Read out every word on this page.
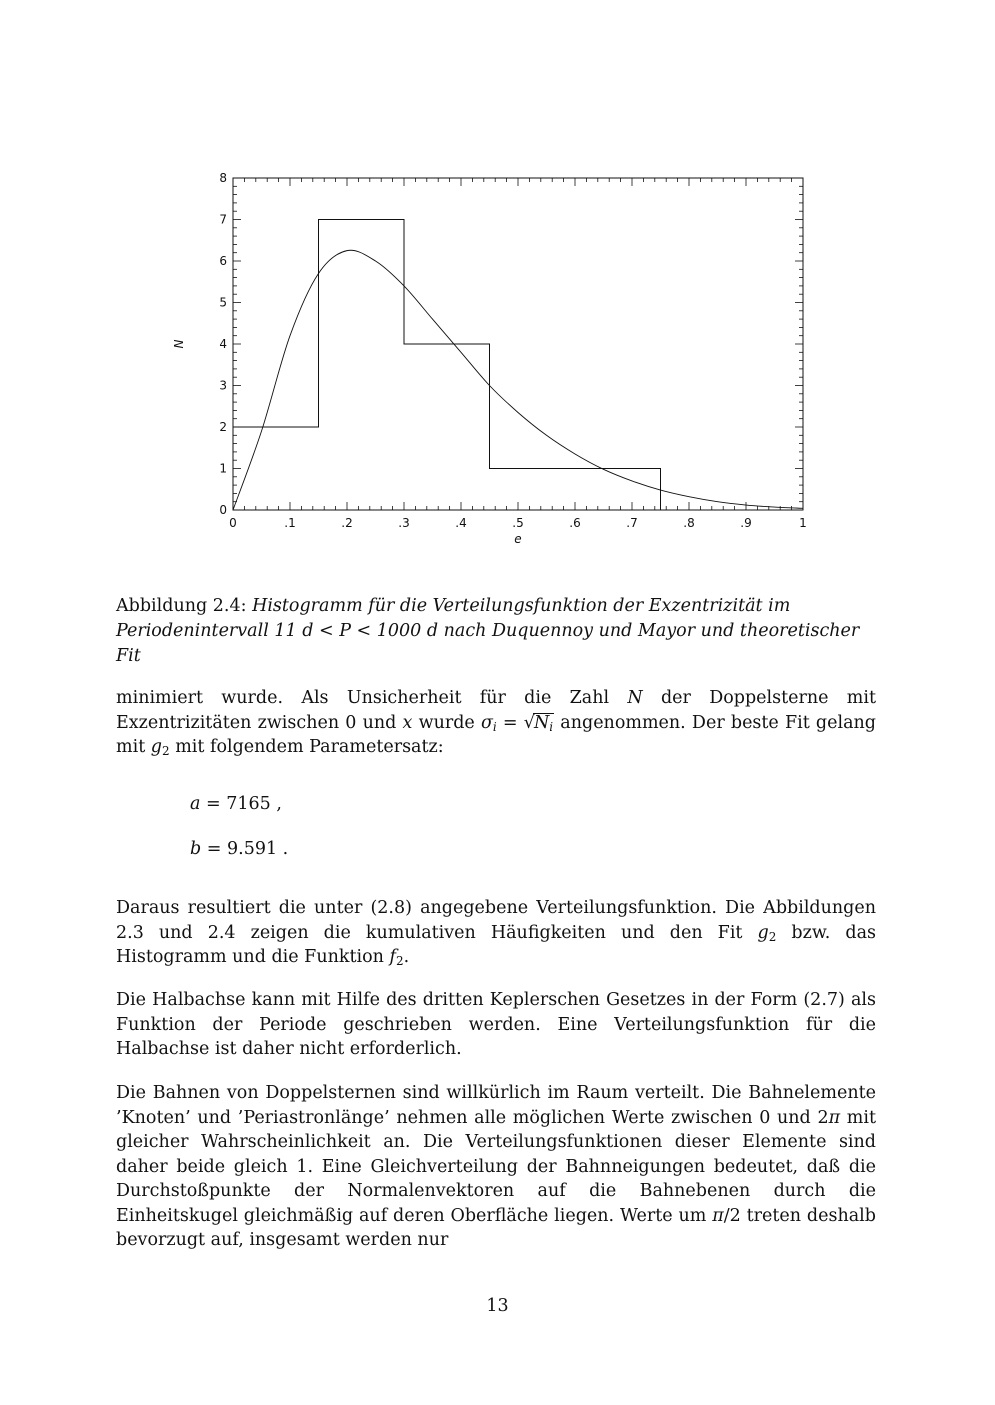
0	.1	.2	.3	.4	.5	.6	.7	.8	.9	1
0
1
2
3
4
5
6
7
8
e
N
Abbildung 2.4: Histogramm für die Verteilungsfunktion der Exzentrizität im Periodenintervall 11 d < P < 1000 d nach Duquennoy und Mayor und theoretischer Fit
minimiert wurde. Als Unsicherheit für die Zahl N der Doppelsterne mit Exzentrizitäten zwischen 0 und x wurde $\sigma_i = √N_i$ angenommen. Der beste Fit gelang mit $g_2$ mit folgendem Parametersatz:
a = 7165 ,
b = 9.591 .
Daraus resultiert die unter (2.8) angegebene Verteilungsfunktion. Die Abbildungen 2.3 und 2.4 zeigen die kumulativen Häufigkeiten und den Fit $g_2$ bzw. das Histogramm und die Funktion $f_2$.
Die Halbachse kann mit Hilfe des dritten Keplerschen Gesetzes in der Form (2.7) als Funktion der Periode geschrieben werden. Eine Verteilungsfunktion für die Halbachse ist daher nicht erforderlich.
Die Bahnen von Doppelsternen sind willkürlich im Raum verteilt. Die Bahnelemente ’Knoten’ und ’Periastronlänge’ nehmen alle möglichen Werte zwischen 0 und 2π mit gleicher Wahrscheinlichkeit an. Die Verteilungsfunktionen dieser Elemente sind daher beide gleich 1. Eine Gleichverteilung der Bahnneigungen bedeutet, daß die Durchstoßpunkte der Normalenvektoren auf die Bahnebenen durch die Einheitskugel gleichmäßig auf deren Oberfläche liegen. Werte um π/2 treten deshalb bevorzugt auf, insgesamt werden nur
13
